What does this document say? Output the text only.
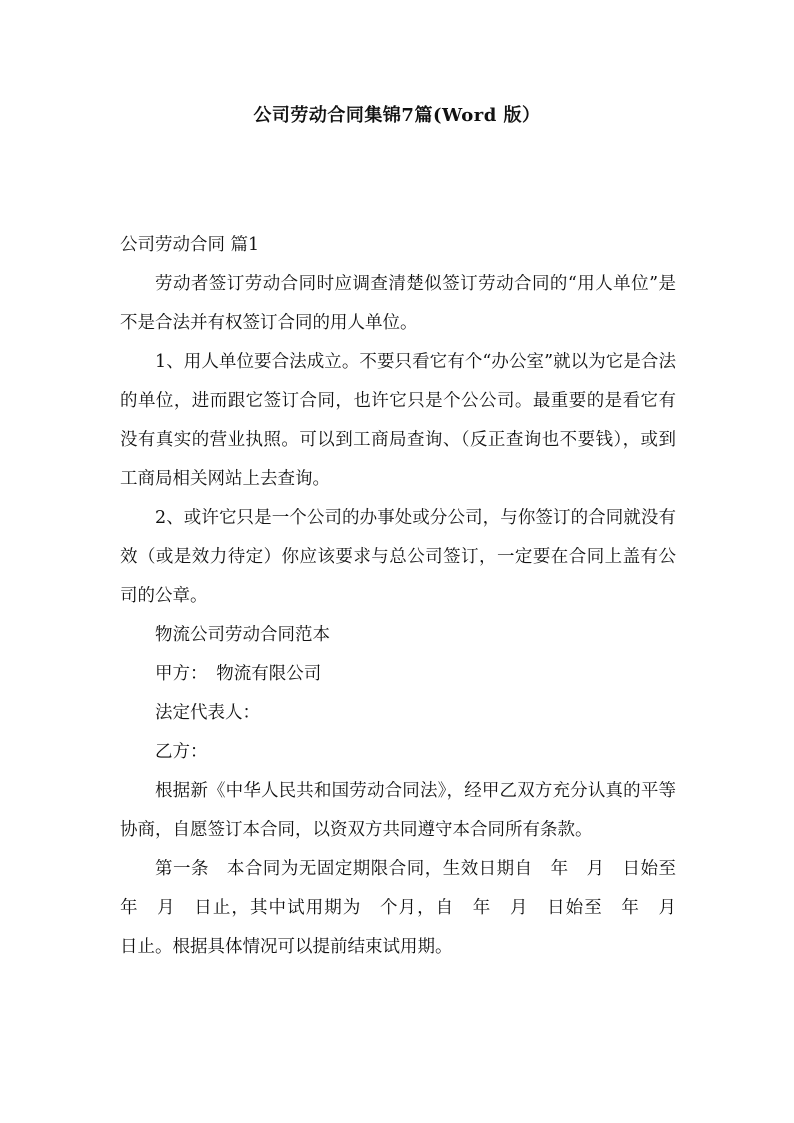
公司劳动合同集锦7篇(Word 版）

公司劳动合同 篇1

劳动者签订劳动合同时应调查清楚似签订劳动合同的“用人单位”是不是合法并有权签订合同的用人单位。

1、用人单位要合法成立。不要只看它有个“办公室”就以为它是合法的单位，进而跟它签订合同，也许它只是个公公司。最重要的是看它有没有真实的营业执照。可以到工商局查询、（反正查询也不要钱），或到工商局相关网站上去查询。

2、或许它只是一个公司的办事处或分公司，与你签订的合同就没有效（或是效力待定）你应该要求与总公司签订，一定要在合同上盖有公司的公章。

物流公司劳动合同范本

甲方：　物流有限公司

法定代表人：

乙方：

根据新《中华人民共和国劳动合同法》，经甲乙双方充分认真的平等协商，自愿签订本合同，以资双方共同遵守本合同所有条款。

第一条　本合同为无固定期限合同，生效日期自　年　月　日始至　年　月　日止，其中试用期为　个月，自　年　月　日始至　年　月　日止。根据具体情况可以提前结束试用期。
